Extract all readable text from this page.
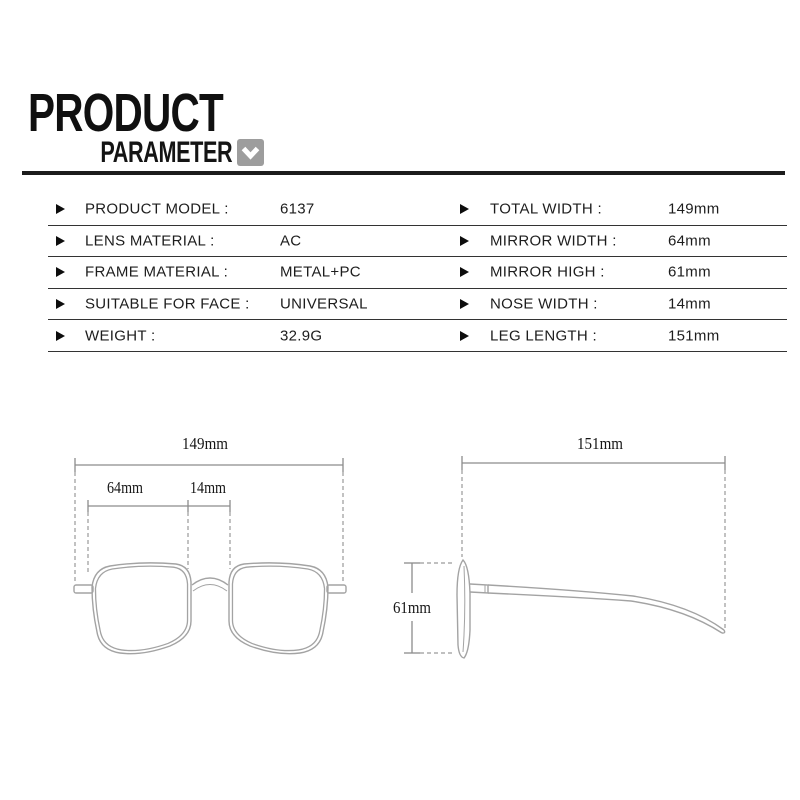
PRODUCT
PARAMETER
PRODUCT MODEL :	6137	TOTAL WIDTH :	149mm
LENS MATERIAL :	AC	MIRROR WIDTH :	64mm
FRAME MATERIAL :	METAL+PC	MIRROR HIGH :	61mm
SUITABLE FOR FACE : UNIVERSAL	NOSE WIDTH :	14mm
WEIGHT :	32.9G	LEG LENGTH :	151mm
149mm
64mm	14mm
151mm
61mm
